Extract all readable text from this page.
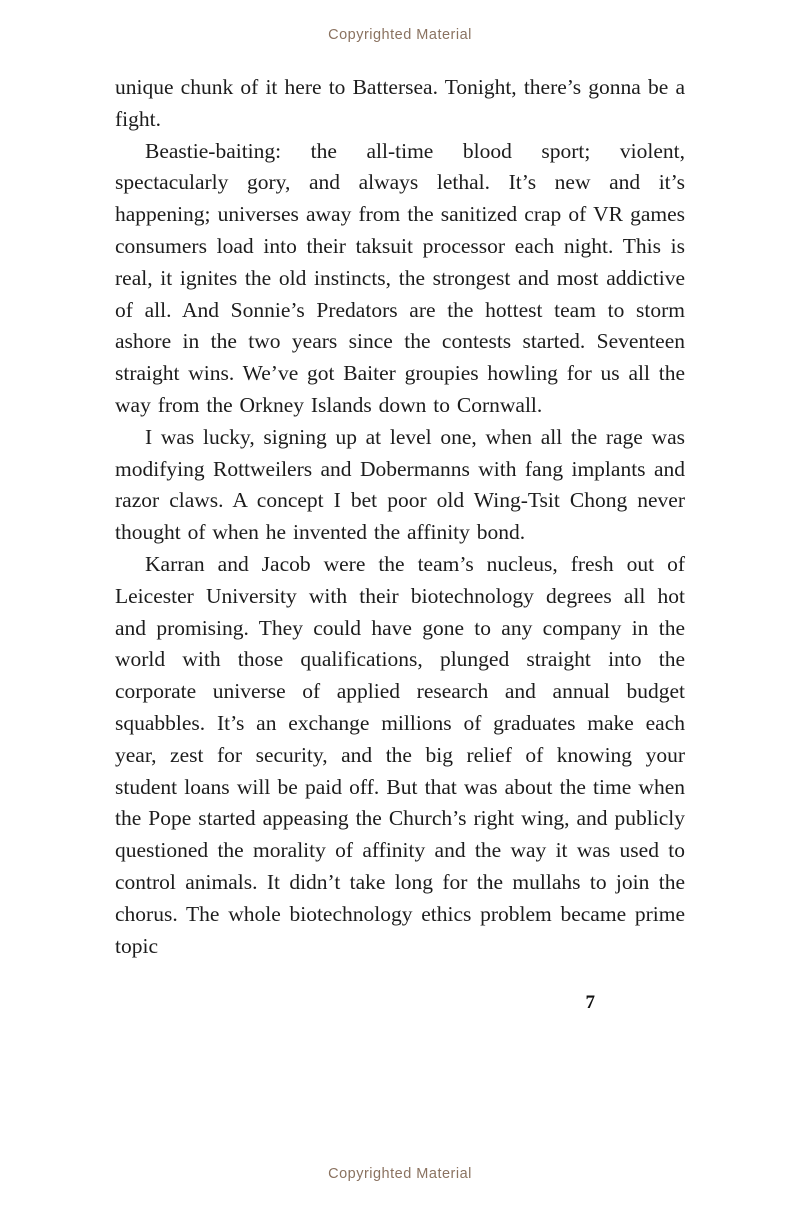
Copyrighted Material

unique chunk of it here to Battersea. Tonight, there’s gonna be a fight.

Beastie-baiting: the all-time blood sport; violent, spectacularly gory, and always lethal. It’s new and it’s happening; universes away from the sanitized crap of VR games consumers load into their taksuit processor each night. This is real, it ignites the old instincts, the strongest and most addictive of all. And Sonnie’s Predators are the hottest team to storm ashore in the two years since the contests started. Seventeen straight wins. We’ve got Baiter groupies howling for us all the way from the Orkney Islands down to Cornwall.

I was lucky, signing up at level one, when all the rage was modifying Rottweilers and Dobermanns with fang implants and razor claws. A concept I bet poor old Wing-Tsit Chong never thought of when he invented the affinity bond.

Karran and Jacob were the team’s nucleus, fresh out of Leicester University with their biotechnology degrees all hot and promising. They could have gone to any company in the world with those qualifications, plunged straight into the corporate universe of applied research and annual budget squabbles. It’s an exchange millions of graduates make each year, zest for security, and the big relief of knowing your student loans will be paid off. But that was about the time when the Pope started appeasing the Church’s right wing, and publicly questioned the morality of affinity and the way it was used to control animals. It didn’t take long for the mullahs to join the chorus. The whole biotechnology ethics problem became prime topic

7
Copyrighted Material
